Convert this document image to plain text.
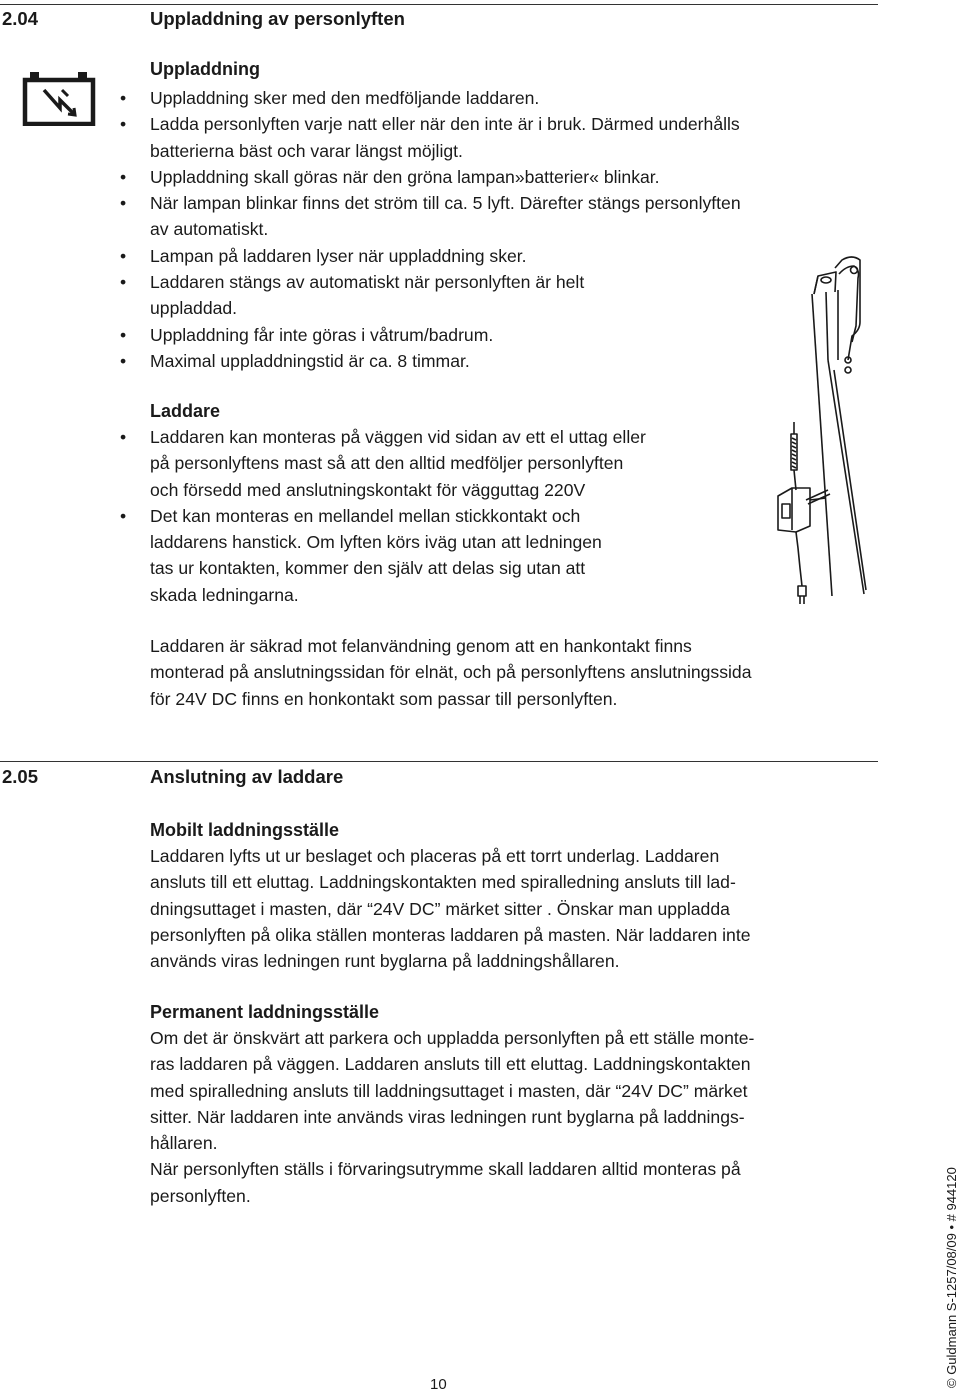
2.04	Uppladdning av personlyften
Uppladdning
• Uppladdning sker med den medföljande laddaren.
• Ladda personlyften varje natt eller när den inte är i bruk. Därmed underhålls
batterierna bäst och varar längst möjligt.
• Uppladdning skall göras när den gröna lampan»batterier« blinkar.
• När lampan blinkar finns det ström till ca. 5 lyft. Därefter stängs personlyften
av automatiskt.
• Lampan på laddaren lyser när uppladdning sker.
• Laddaren stängs av automatiskt när personlyften är helt
uppladdad.
• Uppladdning får inte göras i våtrum/badrum.
• Maximal uppladdningstid är ca. 8 timmar.
Laddare
• Laddaren kan monteras på väggen vid sidan av ett el uttag eller
på personlyftens mast så att den alltid medföljer personlyften
och försedd med anslutningskontakt för vägguttag 220V
• Det kan monteras en mellandel mellan stickkontakt och
laddarens hanstick. Om lyften körs iväg utan att ledningen
tas ur kontakten, kommer den själv att delas sig utan att
skada ledningarna.

Laddaren är säkrad mot felanvändning genom att en hankontakt finns
monterad på anslutningssidan för elnät, och på personlyftens anslutningssida
för 24V DC finns en honkontakt som passar till personlyften.

2.05	Anslutning av laddare
Mobilt laddningsställe

Laddaren lyfts ut ur beslaget och placeras på ett torrt underlag. Laddaren
ansluts till ett eluttag. Laddningskontakten med spiralledning ansluts till lad-
dningsuttaget i masten, där “24V DC” märket sitter . Önskar man uppladda
personlyften på olika ställen monteras laddaren på masten. När laddaren inte
används viras ledningen runt byglarna på laddningshållaren.

Permanent laddningsställe

Om det är önskvärt att parkera och uppladda personlyften på ett ställe monte-
ras laddaren på väggen. Laddaren ansluts till ett eluttag. Laddningskontakten
med spiralledning ansluts till laddningsuttaget i masten, där “24V DC” märket
sitter. När laddaren inte används viras ledningen runt byglarna på laddnings-
hållaren.
När personlyften ställs i förvaringsutrymme skall laddaren alltid monteras på
personlyften.

10	© Guldmann S-1257/08/09 • # 944120
